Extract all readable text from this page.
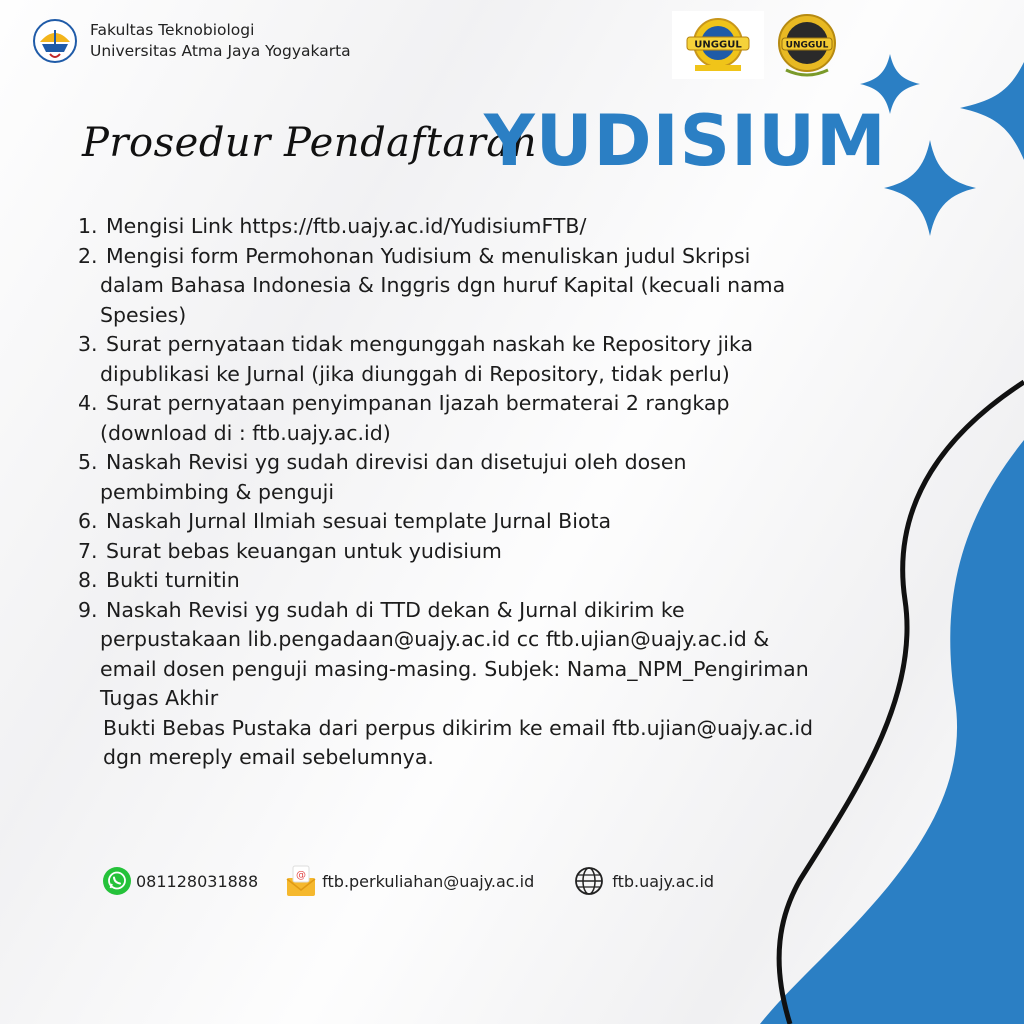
Fakultas Teknobiologi
Universitas Atma Jaya Yogyakarta	UNGGUL	UNGGUL
Prosedur Pendaftaran
YUDISIUM
1. Mengisi Link https://ftb.uajy.ac.id/YudisiumFTB/
2. Mengisi form Permohonan Yudisium & menuliskan judul Skripsi
dalam Bahasa Indonesia & Inggris dgn huruf Kapital (kecuali nama
Spesies)
3. Surat pernyataan tidak mengunggah naskah ke Repository jika
dipublikasi ke Jurnal (jika diunggah di Repository, tidak perlu)
4. Surat pernyataan penyimpanan Ijazah bermaterai 2 rangkap
(download di : ftb.uajy.ac.id)
5. Naskah Revisi yg sudah direvisi dan disetujui oleh dosen
pembimbing & penguji
6. Naskah Jurnal Ilmiah sesuai template Jurnal Biota
7. Surat bebas keuangan untuk yudisium
8. Bukti turnitin
9. Naskah Revisi yg sudah di TTD dekan & Jurnal dikirim ke
perpustakaan lib.pengadaan@uajy.ac.id cc ftb.ujian@uajy.ac.id &
email dosen penguji masing-masing. Subjek: Nama_NPM_Pengiriman
Tugas Akhir
Bukti Bebas Pustaka dari perpus dikirim ke email ftb.ujian@uajy.ac.id
dgn mereply email sebelumnya.
081128031888	@ ftb.perkuliahan@uajy.ac.id	ftb.uajy.ac.id
